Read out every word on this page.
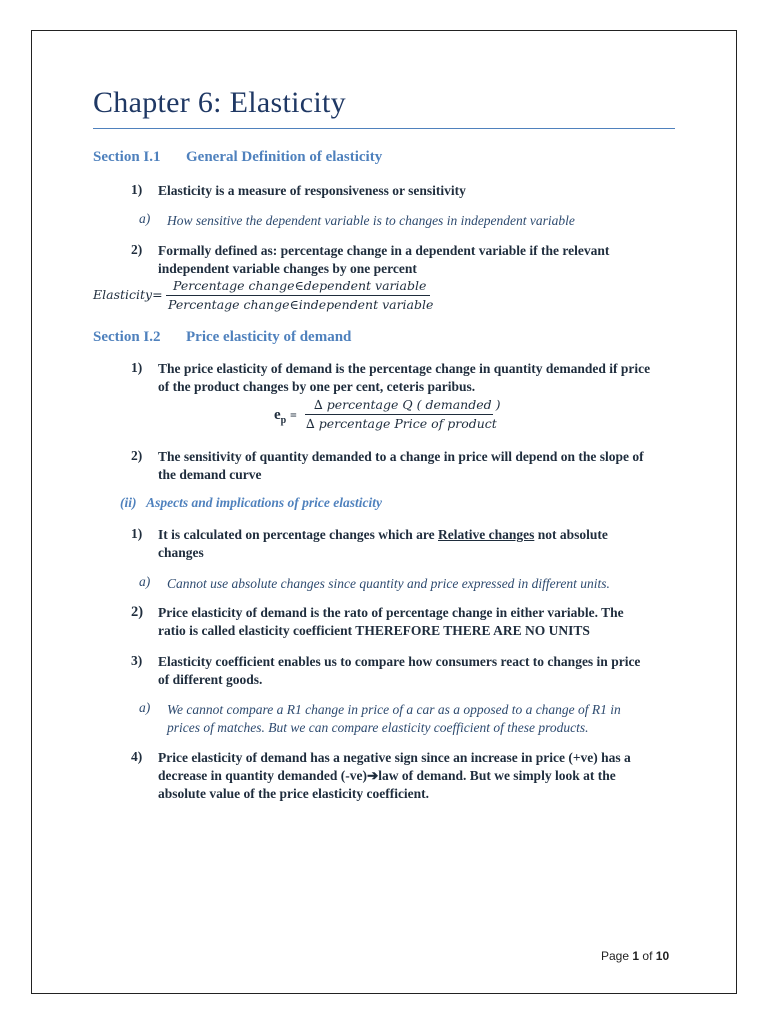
Chapter 6: Elasticity
Section I.1 General Definition of elasticity
1) Elasticity is a measure of responsiveness or sensitivity
a) How sensitive the dependent variable is to changes in independent variable
2) Formally defined as: percentage change in a dependent variable if the relevant
independent variable changes by one percent
Elasticity=
Percentage change∈dependent variable
Percentage change∈independent variable
Section I.2 Price elasticity of demand
1) The price elasticity of demand is the percentage change in quantity demanded if price
of the product changes by one per cent, ceteris paribus.
$e_p$ =
∆ percentage Q ( demanded )
∆ percentage Price of product
2) The sensitivity of quantity demanded to a change in price will depend on the slope of
the demand curve
(ii)   Aspects and implications of price elasticity
1) It is calculated on percentage changes which are Relative changes not absolute
changes
a) Cannot use absolute changes since quantity and price expressed in different units.
2) Price elasticity of demand is the rato of percentage change in either variable. The
ratio is called elasticity coefficient THEREFORE THERE ARE NO UNITS
3) Elasticity coefficient enables us to compare how consumers react to changes in price
of different goods.
a) We cannot compare a R1 change in price of a car as a opposed to a change of R1 in
prices of matches. But we can compare elasticity coefficient of these products.
4) Price elasticity of demand has a negative sign since an increase in price (+ve) has a
decrease in quantity demanded (-ve)➔law of demand. But we simply look at the
absolute value of the price elasticity coefficient.
Page 1 of 10
